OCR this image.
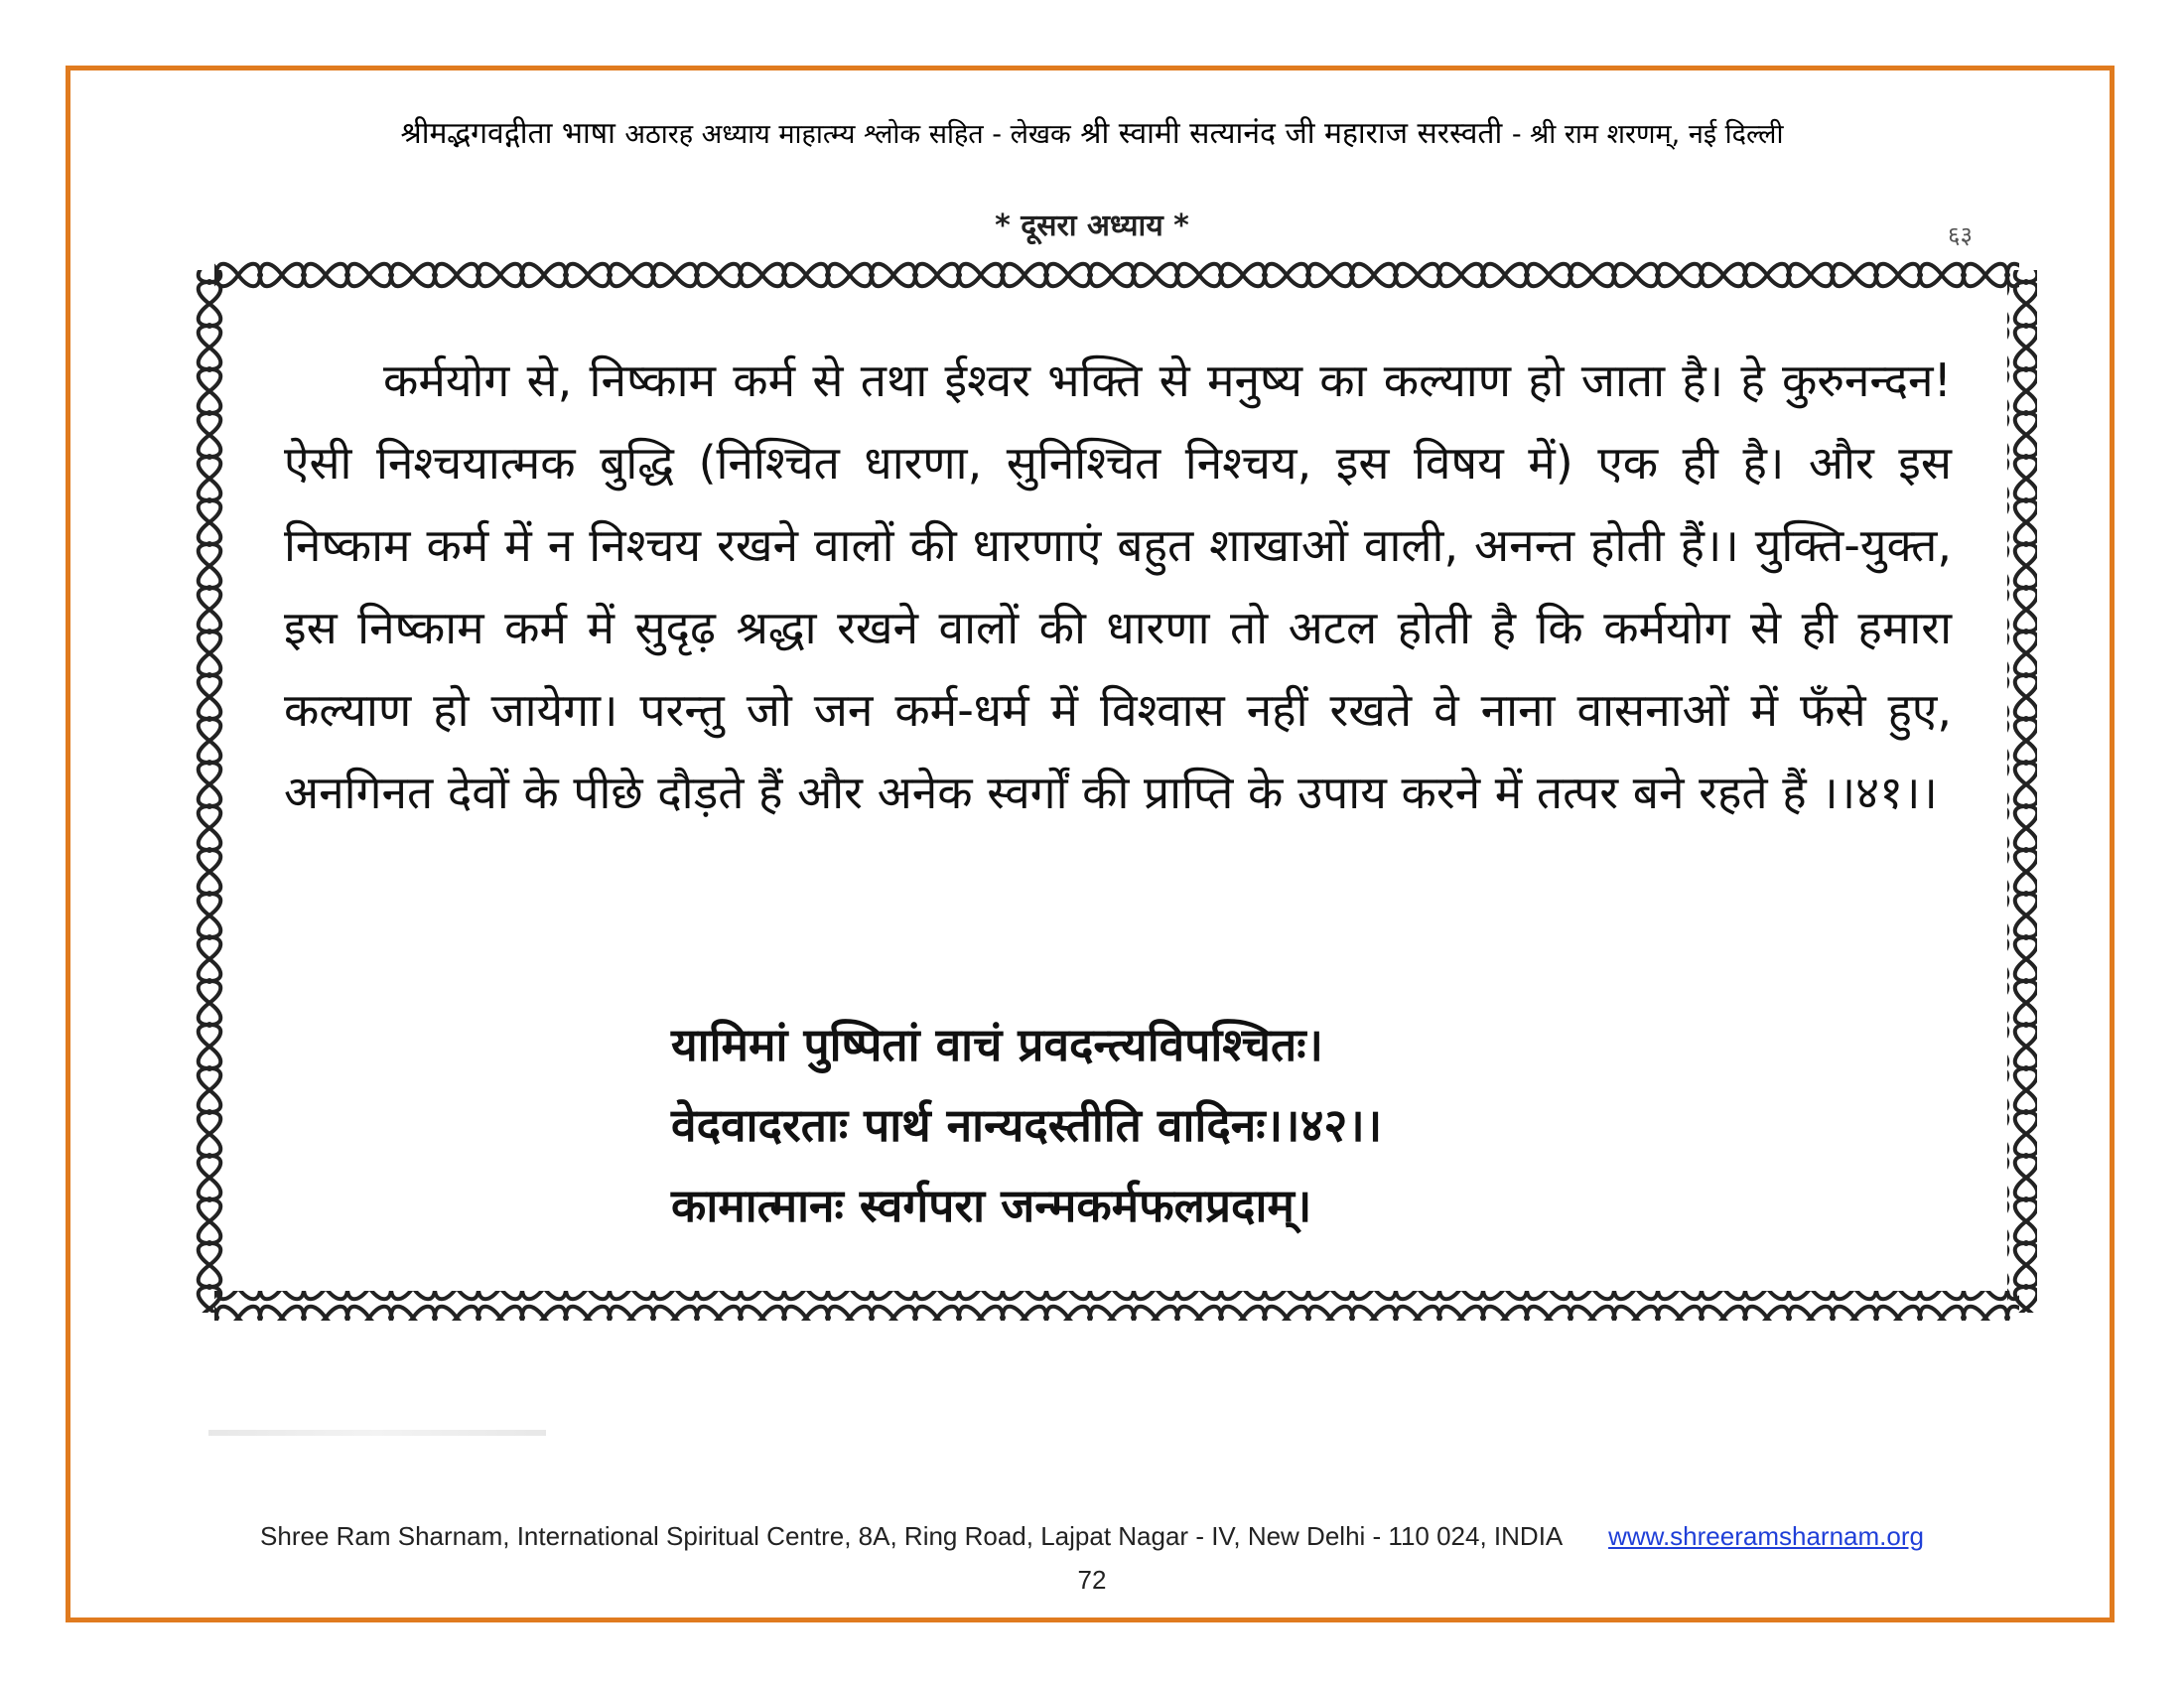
श्रीमद्भगवद्गीता भाषा अठारह अध्याय माहात्म्य श्लोक सहित - लेखक श्री स्वामी सत्यानंद जी महाराज सरस्वती - श्री राम शरणम्, नई दिल्ली
* दूसरा अध्याय *	६३
कर्मयोग से, निष्काम कर्म से तथा ईश्वर भक्ति से मनुष्य का कल्याण हो जाता है। हे कुरुनन्दन! ऐसी निश्चयात्मक बुद्धि (निश्चित धारणा, सुनिश्चित निश्चय, इस विषय में) एक ही है। और इस निष्काम कर्म में न निश्चय रखने वालों की धारणाएं बहुत शाखाओं वाली, अनन्त होती हैं।। युक्ति-युक्त, इस निष्काम कर्म में सुदृढ़ श्रद्धा रखने वालों की धारणा तो अटल होती है कि कर्मयोग से ही हमारा कल्याण हो जायेगा। परन्तु जो जन कर्म-धर्म में विश्वास नहीं रखते वे नाना वासनाओं में फँसे हुए, अनगिनत देवों के पीछे दौड़ते हैं और अनेक स्वर्गों की प्राप्ति के उपाय करने में तत्पर बने रहते हैं ।।४१।।
यामिमां पुष्पितां वाचं प्रवदन्त्यविपश्चितः।
वेदवादरताः पार्थ नान्यदस्तीति वादिनः।।४२।।
कामात्मानः स्वर्गपरा जन्मकर्मफलप्रदाम्।
Shree Ram Sharnam, International Spiritual Centre, 8A, Ring Road, Lajpat Nagar - IV, New Delhi - 110 024, INDIA www.shreeramsharnam.org
72
